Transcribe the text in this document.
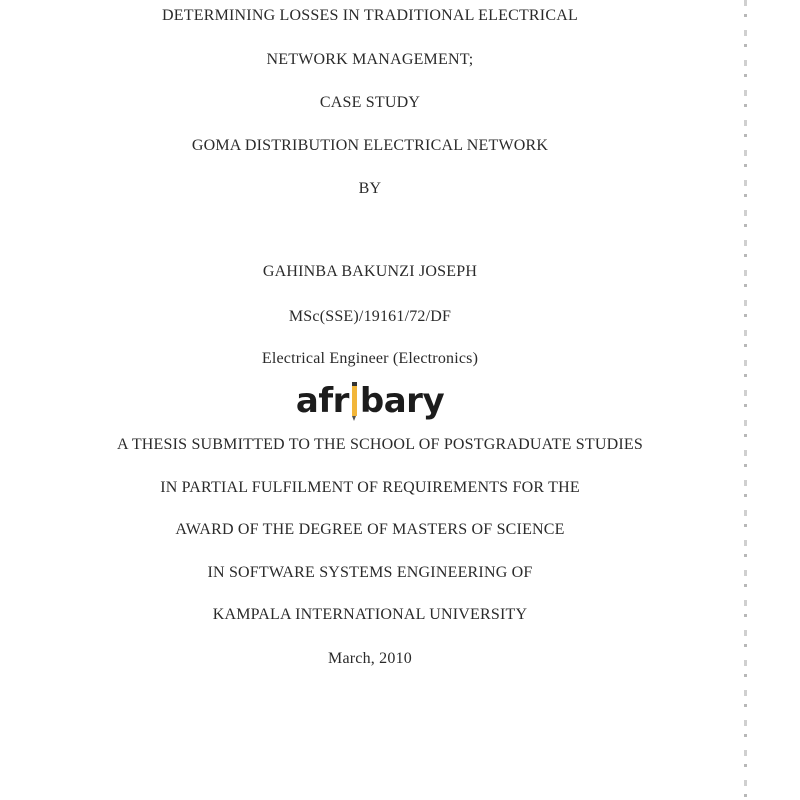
DETERMINING LOSSES IN TRADITIONAL ELECTRICAL
NETWORK MANAGEMENT;
CASE STUDY
GOMA DISTRIBUTION ELECTRICAL NETWORK
BY
GAHINBA BAKUNZI JOSEPH
MSc(SSE)/19161/72/DF
Electrical Engineer (Electronics)
afr bary
A THESIS SUBMITTED TO THE SCHOOL OF POSTGRADUATE STUDIES
IN PARTIAL FULFILMENT OF REQUIREMENTS FOR THE
AWARD OF THE DEGREE OF MASTERS OF SCIENCE
IN SOFTWARE SYSTEMS ENGINEERING OF
KAMPALA INTERNATIONAL UNIVERSITY
March, 2010
